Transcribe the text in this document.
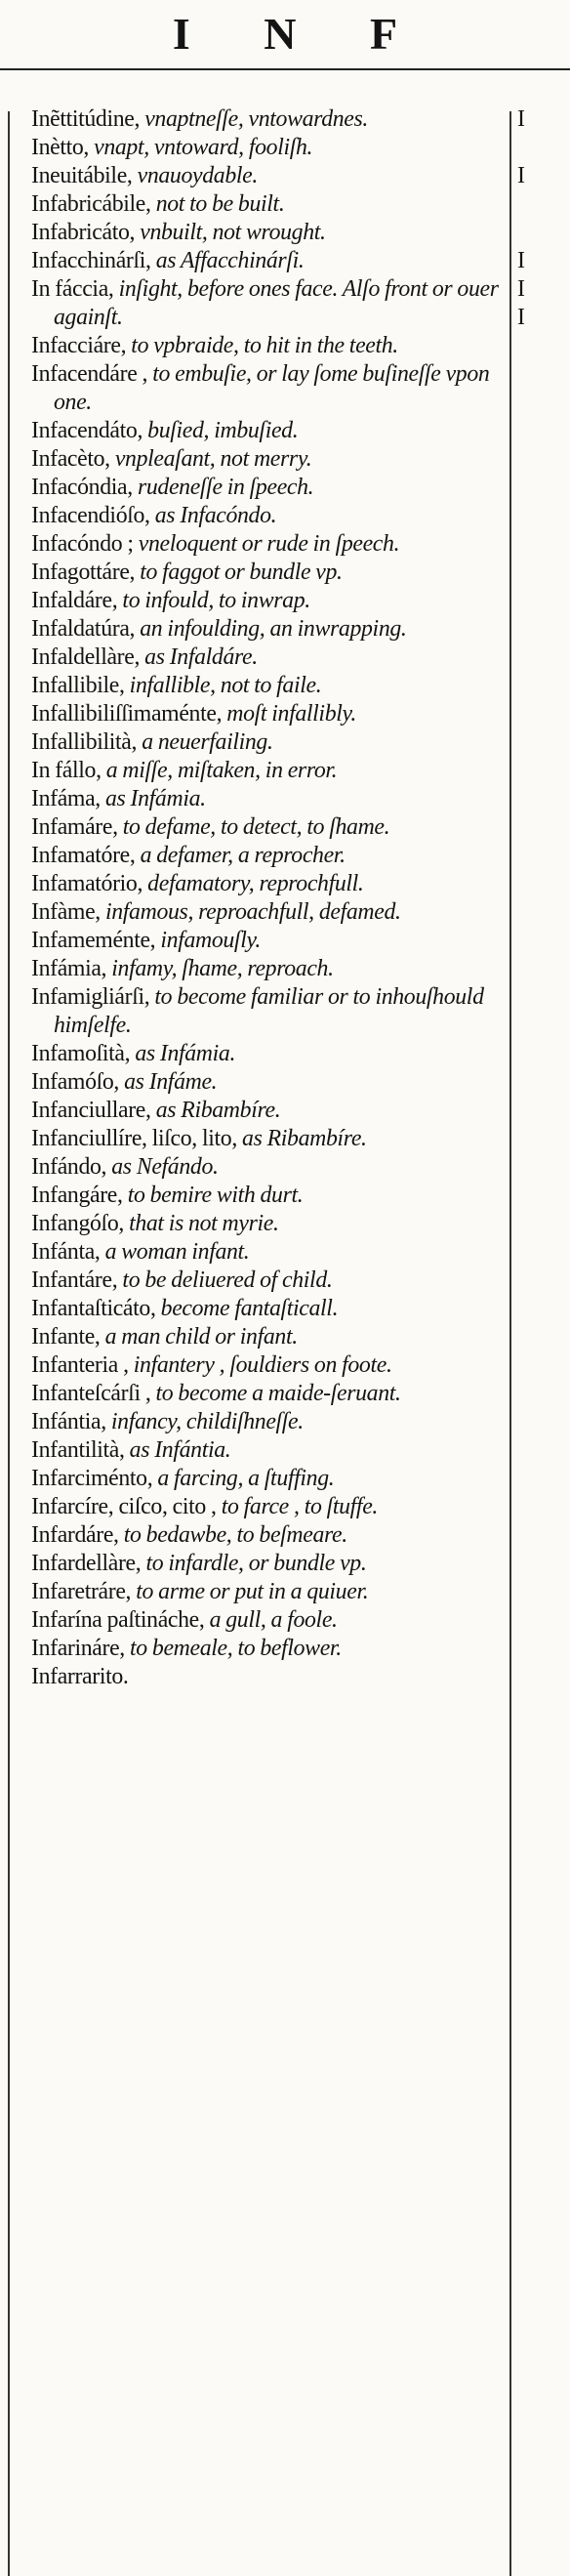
I N F
I
I
I
I
I
Inẽttitúdine, vnaptneſſe, vntowardnes.
Inètto, vnapt, vntoward, fooliſh.
Ineuitábile, vnauoydable.
Infabricábile, not to be built.
Infabricáto, vnbuilt, not wrought.
Infacchinárſi, as Affacchinárſi.
In fáccia, inſight, before ones face. Alſo front or ouer againſt.
Infacciáre, to vpbraide, to hit in the teeth.
Infacendáre , to embuſie, or lay ſome buſineſſe vpon one.
Infacendáto, buſied, imbuſied.
Infacèto, vnpleaſant, not merry.
Infacóndia, rudeneſſe in ſpeech.
Infacendióſo, as Infacóndo.
Infacóndo ; vneloquent or rude in ſpeech.
Infagottáre, to faggot or bundle vp.
Infaldáre, to infould, to inwrap.
Infaldatúra, an infoulding, an inwrapping.
Infaldellàre, as Infaldáre.
Infallibile, infallible, not to faile.
Infallibiliſſimaménte, moſt infallibly.
Infallibilità, a neuerfailing.
In fállo, a miſſe, miſtaken, in error.
Infáma, as Infámia.
Infamáre, to defame, to detect, to ſhame.
Infamatóre, a defamer, a reprocher.
Infamatório, defamatory, reprochfull.
Infàme, infamous, reproachfull, defamed.
Infameménte, infamouſly.
Infámia, infamy, ſhame, reproach.
Infamigliárſi, to become familiar or to inhouſhould himſelfe.
Infamoſità, as Infámia.
Infamóſo, as Infáme.
Infanciullare, as Ribambíre.
Infanciullíre, liſco, lito, as Ribambíre.
Infándo, as Nefándo.
Infangáre, to bemire with durt.
Infangóſo, that is not myrie.
Infánta, a woman infant.
Infantáre, to be deliuered of child.
Infantaſticáto, become fantaſticall.
Infante, a man child or infant.
Infanteria , infantery , ſouldiers on foote.
Infanteſcárſi , to become a maide-ſeruant.
Infántia, infancy, childiſhneſſe.
Infantilità, as Infántia.
Infarciménto, a farcing, a ſtuffing.
Infarcíre, ciſco, cito , to farce , to ſtuffe.
Infardáre, to bedawbe, to beſmeare.
Infardellàre, to infardle, or bundle vp.
Infaretráre, to arme or put in a quiuer.
Infarína paſtináche, a gull, a foole.
Infarináre, to bemeale, to beflower.
Infarrarito.
